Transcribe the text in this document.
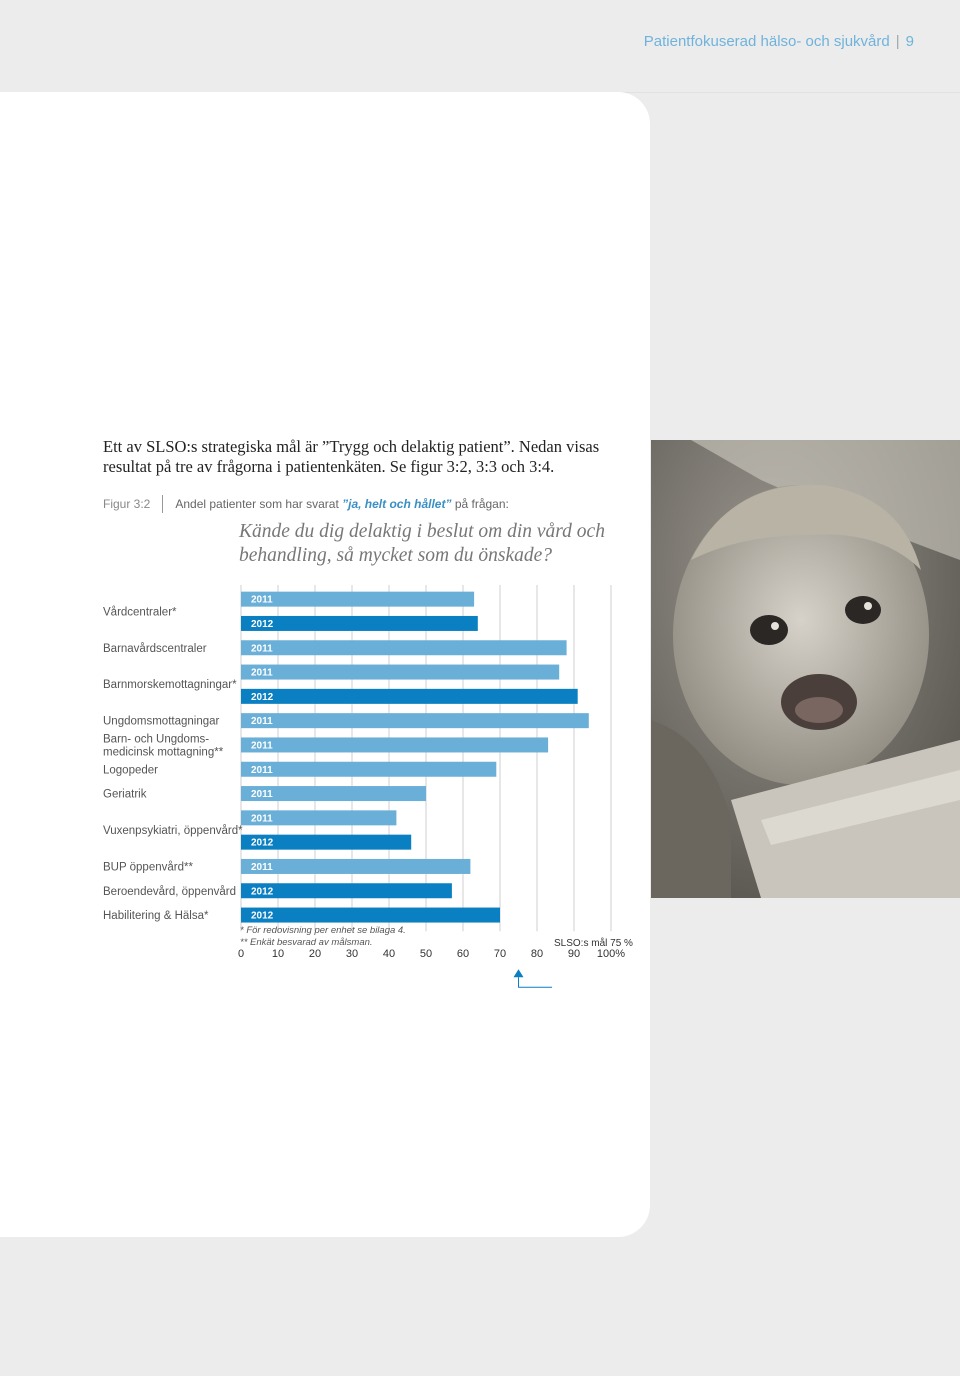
Patientfokuserad hälso- och sjukvård | 9
Ett av SLSO:s strategiska mål är ”Trygg och delaktig patient”. Nedan visas resultat på tre av frågorna i patientenkäten. Se figur 3:2, 3:3 och 3:4.
Figur 3:2 Andel patienter som har svarat ”ja, helt och hållet” på frågan:
Kände du dig delaktig i beslut om din vård och behandling, så mycket som du önskade?
2011
2012
Vårdcentraler*
2011
Barnavårdscentraler
2011
2012
Barnmorskemottagningar*
2011
Ungdomsmottagningar
2011
Barn- och Ungdoms-
medicinsk mottagning**
2011
Logopeder
2011
Geriatrik
2011
2012
Vuxenpsykiatri, öppenvård*
2011
BUP öppenvård**
2012
Beroendevård, öppenvård
2012
Habilitering & Hälsa*
0	10 20 30 40 50 60 70 80 90 100%
* För redovisning per enhet se bilaga 4.
** Enkät besvarad av målsman.	SLSO:s mål 75 %
